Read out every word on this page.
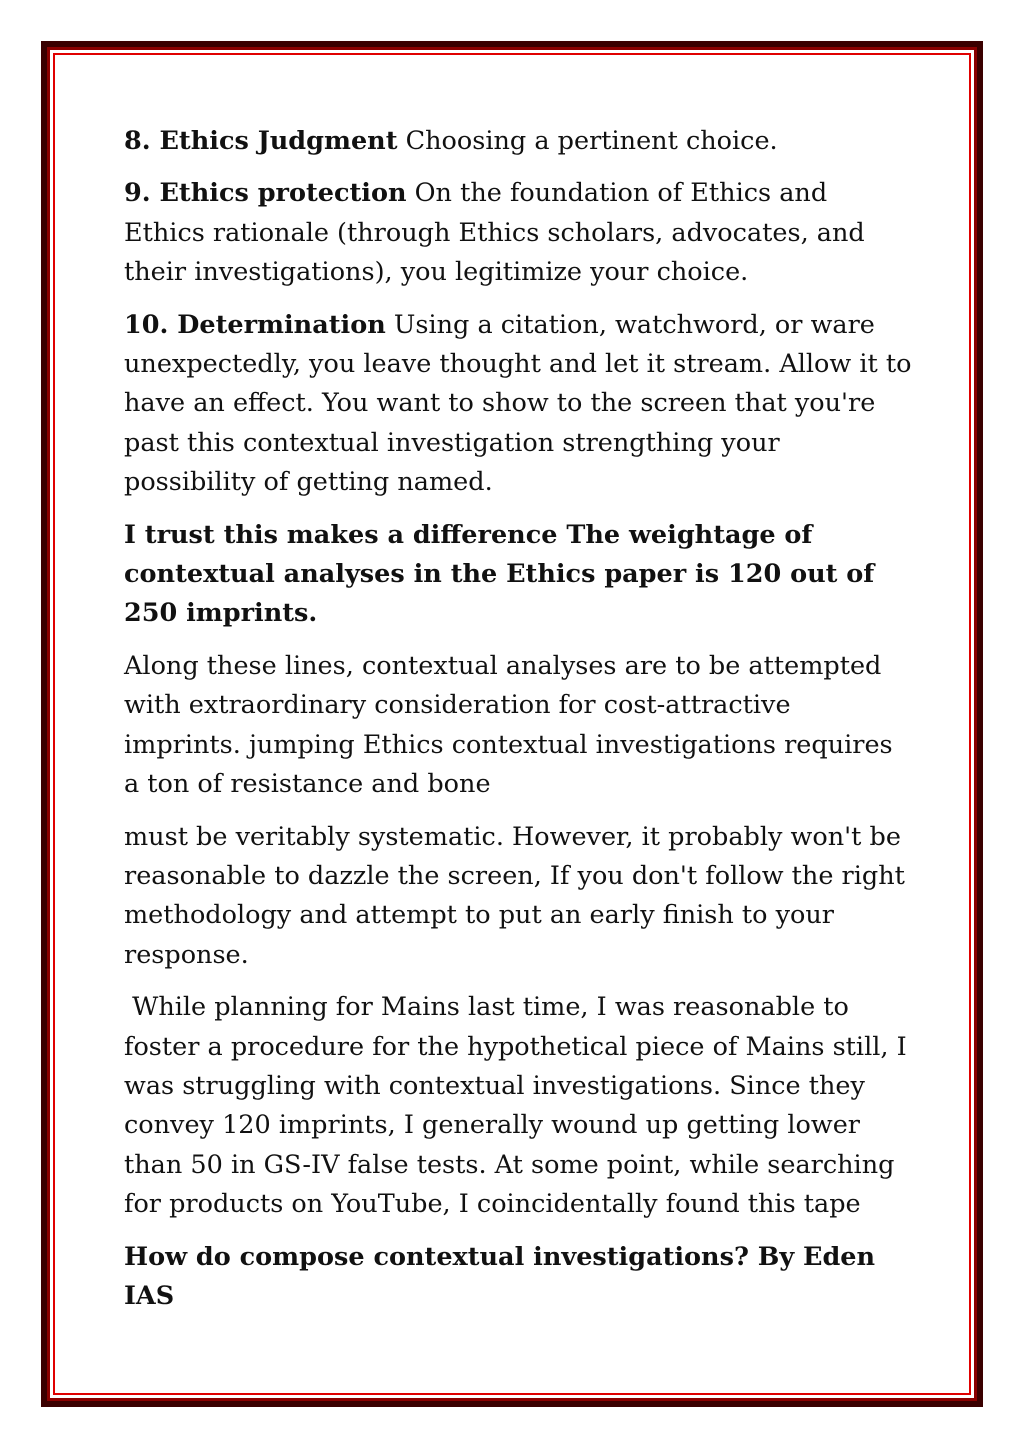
8. Ethics Judgment Choosing a pertinent choice.

9. Ethics protection On the foundation of Ethics and Ethics rationale (through Ethics scholars, advocates, and their investigations), you legitimize your choice.

10. Determination Using a citation, watchword, or ware unexpectedly, you leave thought and let it stream. Allow it to have an effect. You want to show to the screen that you're past this contextual investigation strengthing your possibility of getting named.

I trust this makes a difference The weightage of contextual analyses in the Ethics paper is 120 out of 250 imprints.

Along these lines, contextual analyses are to be attempted with extraordinary consideration for cost-attractive imprints. jumping Ethics contextual investigations requires a ton of resistance and bone

must be veritably systematic. However, it probably won't be reasonable to dazzle the screen, If you don't follow the right methodology and attempt to put an early finish to your response.

While planning for Mains last time, I was reasonable to foster a procedure for the hypothetical piece of Mains still, I was struggling with contextual investigations. Since they convey 120 imprints, I generally wound up getting lower than 50 in GS-IV false tests. At some point, while searching for products on YouTube, I coincidentally found this tape

How do compose contextual investigations? By Eden IAS
